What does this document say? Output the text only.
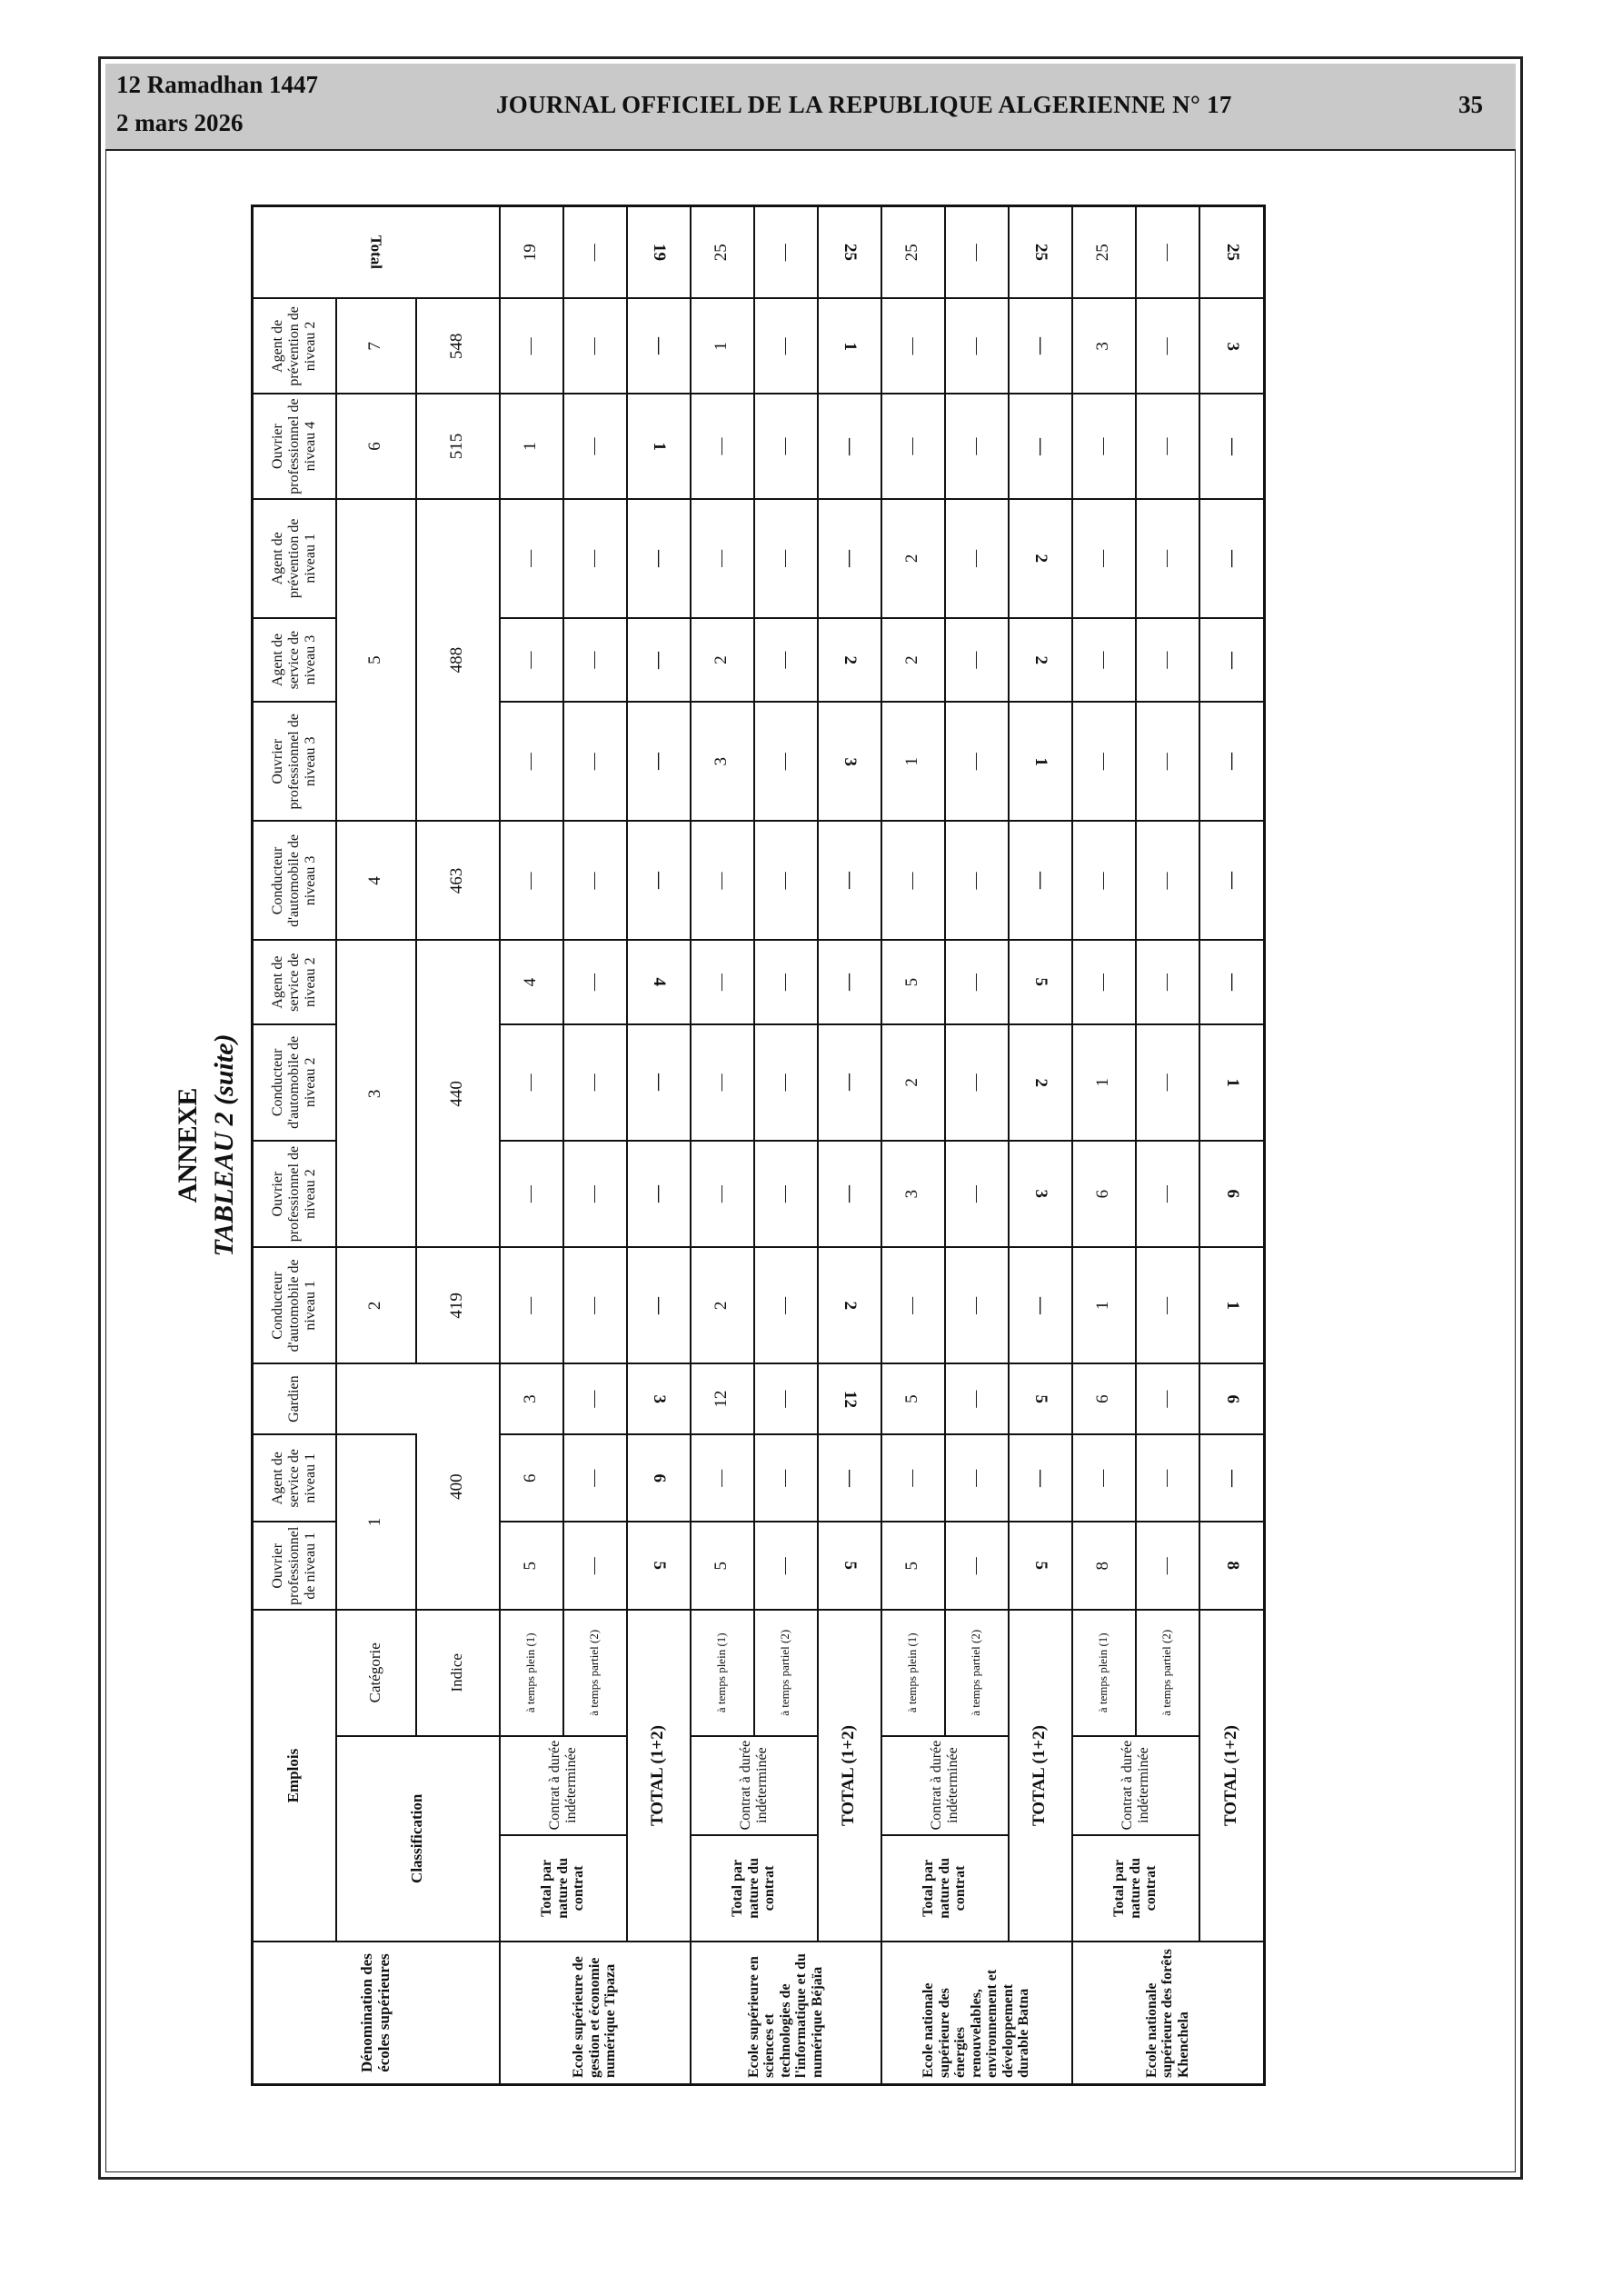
12 Ramadhan 1447
2 mars 2026
JOURNAL OFFICIEL DE LA REPUBLIQUE ALGERIENNE N° 17	35
ANNEXE TABLEAU 2 (suite)
Dénomination des écoles supérieures	Emplois			Ouvrier professionnel de niveau 1	Agent de service de niveau 1	Gardien	Conducteur d'automobile de niveau 1	Ouvrier professionnel de niveau 2	Conducteur d'automobile de niveau 2	Agent de service de niveau 2	Conducteur d'automobile de niveau 3	Ouvrier professionnel de niveau 3	Agent de service de niveau 3	Agent de prévention de niveau 1	Ouvrier professionnel de niveau 4	Agent de prévention de niveau 2	Total
	Classification		Catégorie	1			2	3			4	5			6	7	
			Indice	400			419	440			463	488			515	548	
Ecole supérieure de gestion et économie numérique Tipaza	Total par nature du contrat	Contrat à durée indéterminée	à temps plein (1)	5	6	3	—	—	—	4	—	—	—	—	1	—	19
			à temps partiel (2)	—	—	—	—	—	—	—	—	—	—	—	—	—	—
	TOTAL (1+2)			5	6	3	—	—	—	4	—	—	—	—	1	—	19
Ecole supérieure en sciences et technologies de l'informatique et du numérique Béjaïa	Total par nature du contrat	Contrat à durée indéterminée	à temps plein (1)	5	—	12	2	—	—	—	—	3	2	—	—	1	25
			à temps partiel (2)	—	—	—	—	—	—	—	—	—	—	—	—	—	—
	TOTAL (1+2)			5	—	12	2	—	—	—	—	3	2	—	—	1	25
Ecole nationale supérieure des énergies renouvelables, environnement et développement durable Batna	Total par nature du contrat	Contrat à durée indéterminée	à temps plein (1)	5	—	5	—	3	2	5	—	1	2	2	—	—	25
			à temps partiel (2)	—	—	—	—	—	—	—	—	—	—	—	—	—	—
	TOTAL (1+2)			5	—	5	—	3	2	5	—	1	2	2	—	—	25
Ecole nationale supérieure des forêts Khenchela	Total par nature du contrat	Contrat à durée indéterminée	à temps plein (1)	8	—	6	1	6	1	—	—	—	—	—	—	3	25
			à temps partiel (2)	—	—	—	—	—	—	—	—	—	—	—	—	—	—
	TOTAL (1+2)			8	—	6	1	6	1	—	—	—	—	—	—	3	25
